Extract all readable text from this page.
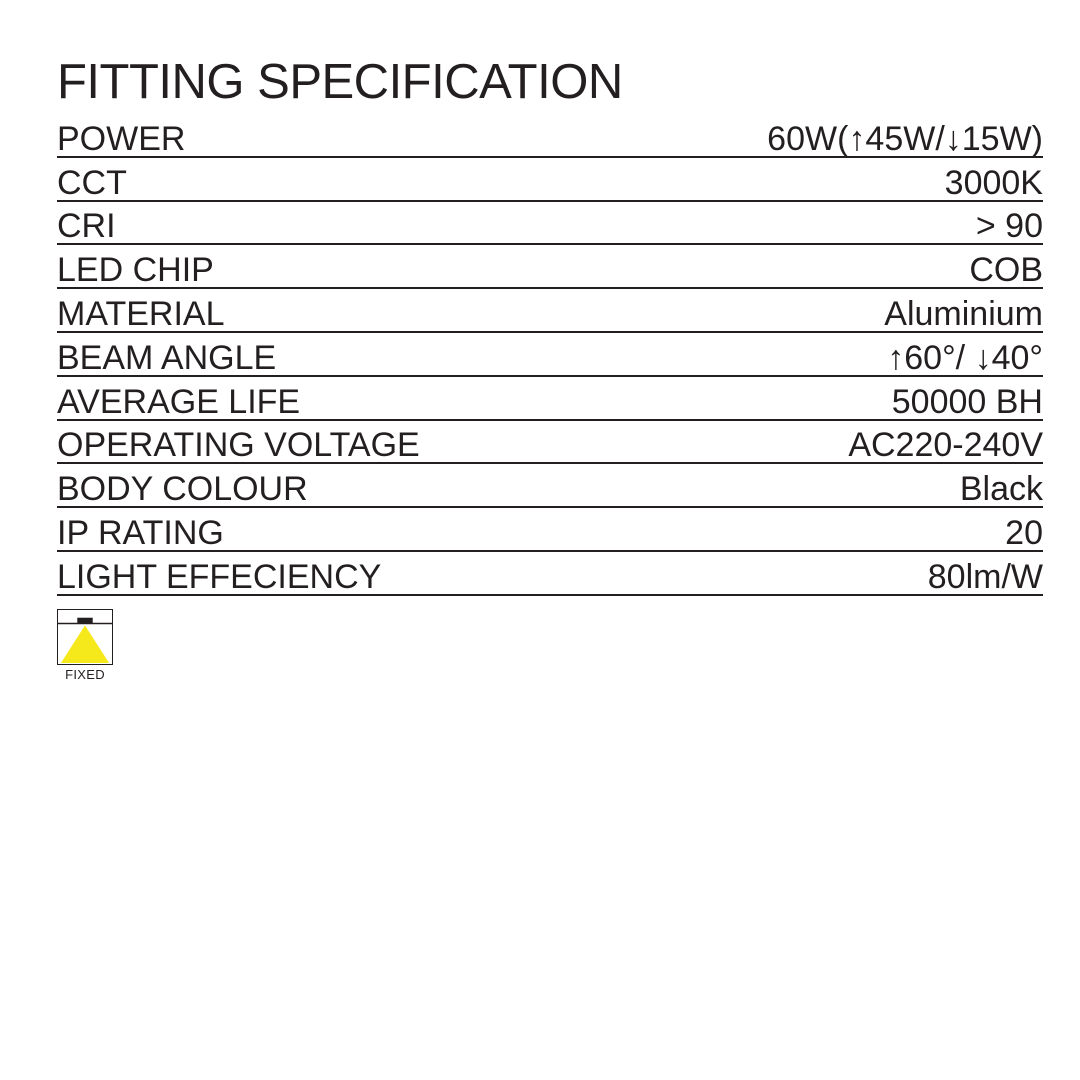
FITTING SPECIFICATION
POWER	60W(↑45W/↓15W)
CCT	3000K
CRI	> 90
LED CHIP	COB
MATERIAL	Aluminium
BEAM ANGLE	↑60°/ ↓40°
AVERAGE LIFE	50000 BH
OPERATING VOLTAGE	AC220-240V
BODY COLOUR	Black
IP RATING	20
LIGHT EFFECIENCY	80lm/W
FIXED
